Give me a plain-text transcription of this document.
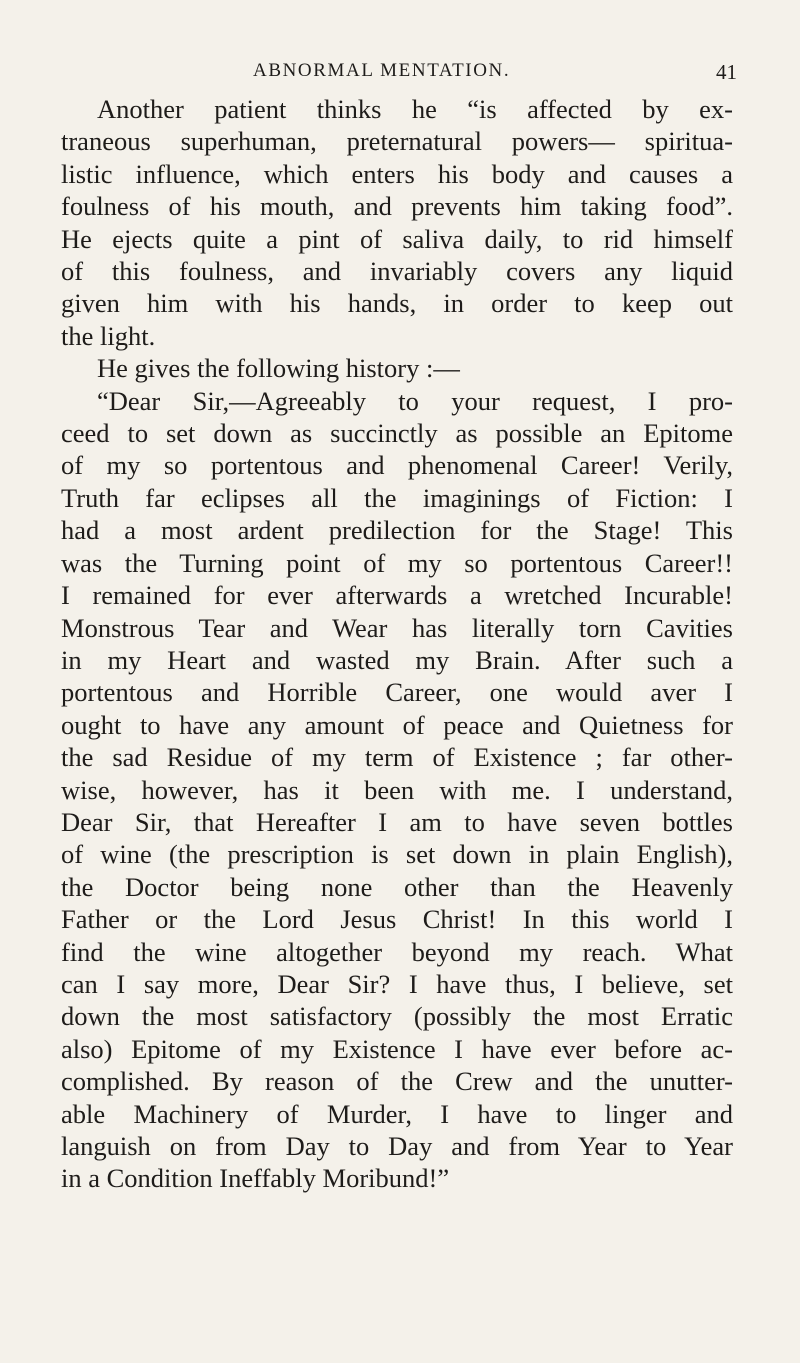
ABNORMAL MENTATION.	41
Another patient thinks he “is affected by ex-
traneous superhuman, preternatural powers— spiritua-
listic influence, which enters his body and causes a
foulness of his mouth, and prevents him taking food”.
He ejects quite a pint of saliva daily, to rid himself
of this foulness, and invariably covers any liquid
given him with his hands, in order to keep out
the light.
He gives the following history :—
“Dear Sir,—Agreeably to your request, I pro-
ceed to set down as succinctly as possible an Epitome
of my so portentous and phenomenal Career! Verily,
Truth far eclipses all the imaginings of Fiction: I
had a most ardent predilection for the Stage! This
was the Turning point of my so portentous Career!!
I remained for ever afterwards a wretched Incurable!
Monstrous Tear and Wear has literally torn Cavities
in my Heart and wasted my Brain. After such a
portentous and Horrible Career, one would aver I
ought to have any amount of peace and Quietness for
the sad Residue of my term of Existence ; far other-
wise, however, has it been with me. I understand,
Dear Sir, that Hereafter I am to have seven bottles
of wine (the prescription is set down in plain English),
the Doctor being none other than the Heavenly
Father or the Lord Jesus Christ! In this world I
find the wine altogether beyond my reach. What
can I say more, Dear Sir? I have thus, I believe, set
down the most satisfactory (possibly the most Erratic
also) Epitome of my Existence I have ever before ac-
complished. By reason of the Crew and the unutter-
able Machinery of Murder, I have to linger and
languish on from Day to Day and from Year to Year
in a Condition Ineffably Moribund!”
